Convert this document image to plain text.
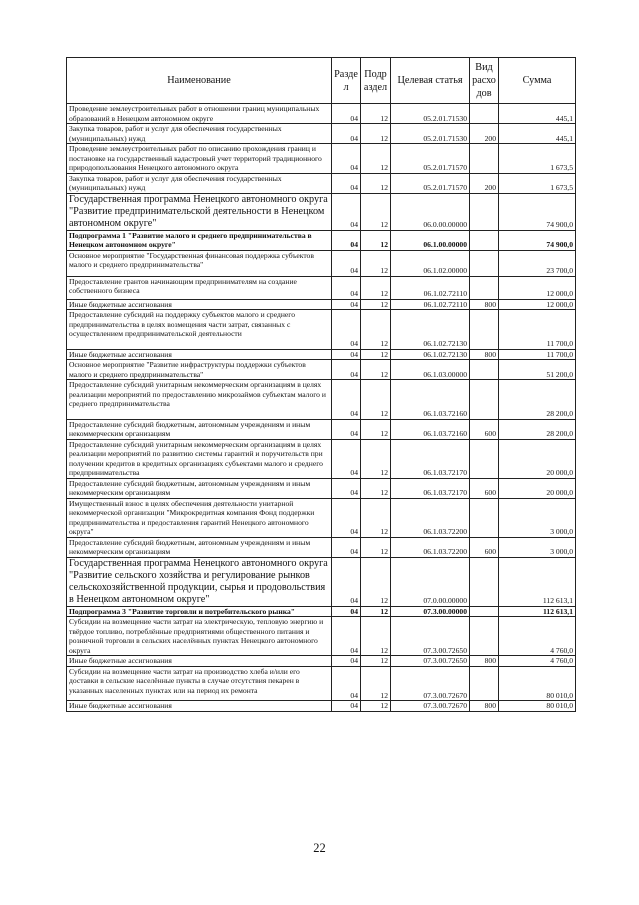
Наименование	Разде л	Подр аздел	Целевая статья	Вид расхо дов	Сумма
Проведение землеустроительных работ в отношении границ муниципальных образований в Ненецком автономном округе	04	12	05.2.01.71530		445,1
Закупка товаров, работ и услуг для обеспечения государственных (муниципальных) нужд	04	12	05.2.01.71530	200	445,1
Проведение землеустроительных работ по описанию прохождения границ и постановке на государственный кадастровый учет территорий традиционного природопользования Ненецкого автономного округа	04	12	05.2.01.71570		1 673,5
Закупка товаров, работ и услуг для обеспечения государственных (муниципальных) нужд	04	12	05.2.01.71570	200	1 673,5
Государственная программа Ненецкого автономного округа "Развитие предпринимательской деятельности в Ненецком автономном округе"	04	12	06.0.00.00000		74 900,0
Подпрограмма 1 "Развитие малого и среднего предпринимательства в Ненецком автономном округе"	04	12	06.1.00.00000		74 900,0
Основное мероприятие "Государственная финансовая поддержка субъектов малого и среднего предпринимательства"	04	12	06.1.02.00000		23 700,0
Предоставление грантов начинающим предпринимателям на создание собственного бизнеса	04	12	06.1.02.72110		12 000,0
Иные бюджетные ассигнования	04	12	06.1.02.72110	800	12 000,0
Предоставление субсидий на поддержку субъектов малого и среднего предпринимательства в целях возмещения части затрат, связанных с осуществлением предпринимательской деятельности	04	12	06.1.02.72130		11 700,0
Иные бюджетные ассигнования	04	12	06.1.02.72130	800	11 700,0
Основное мероприятие "Развитие инфраструктуры поддержки субъектов малого и среднего предпринимательства"	04	12	06.1.03.00000		51 200,0
Предоставление субсидий унитарным некоммерческим организациям в целях реализации мероприятий по предоставлению микрозаймов субъектам малого и среднего предпринимательства	04	12	06.1.03.72160		28 200,0
Предоставление субсидий бюджетным, автономным учреждениям и иным некоммерческим организациям	04	12	06.1.03.72160	600	28 200,0
Предоставление субсидий унитарным некоммерческим организациям в целях реализации мероприятий по развитию системы гарантий и поручительств при получении кредитов в кредитных организациях субъектами малого и среднего предпринимательства	04	12	06.1.03.72170		20 000,0
Предоставление субсидий бюджетным, автономным учреждениям и иным некоммерческим организациям	04	12	06.1.03.72170	600	20 000,0
Имущественный взнос в целях обеспечения деятельности унитарной некоммерческой организации "Микрокредитная компания Фонд поддержки предпринимательства и предоставления гарантий Ненецкого автономного округа"	04	12	06.1.03.72200		3 000,0
Предоставление субсидий бюджетным, автономным учреждениям и иным некоммерческим организациям	04	12	06.1.03.72200	600	3 000,0
Государственная программа Ненецкого автономного округа "Развитие сельского хозяйства и регулирование рынков сельскохозяйственной продукции, сырья и продовольствия в Ненецком автономном округе"	04	12	07.0.00.00000		112 613,1
Подпрограмма 3 "Развитие торговли и потребительского рынка"	04	12	07.3.00.00000		112 613,1
Субсидии на возмещение части затрат на электрическую, тепловую энергию и твёрдое топливо, потреблённые предприятиями общественного питания и розничной торговли в сельских населённых пунктах Ненецкого автономного округа	04	12	07.3.00.72650		4 760,0
Иные бюджетные ассигнования	04	12	07.3.00.72650	800	4 760,0
Субсидии на возмещение части затрат на производство хлеба и/или его доставки в сельские населённые пункты в случае отсутствия пекарен в указанных населенных пунктах или на период их ремонта	04	12	07.3.00.72670		80 010,0
Иные бюджетные ассигнования	04	12	07.3.00.72670	800	80 010,0
22
